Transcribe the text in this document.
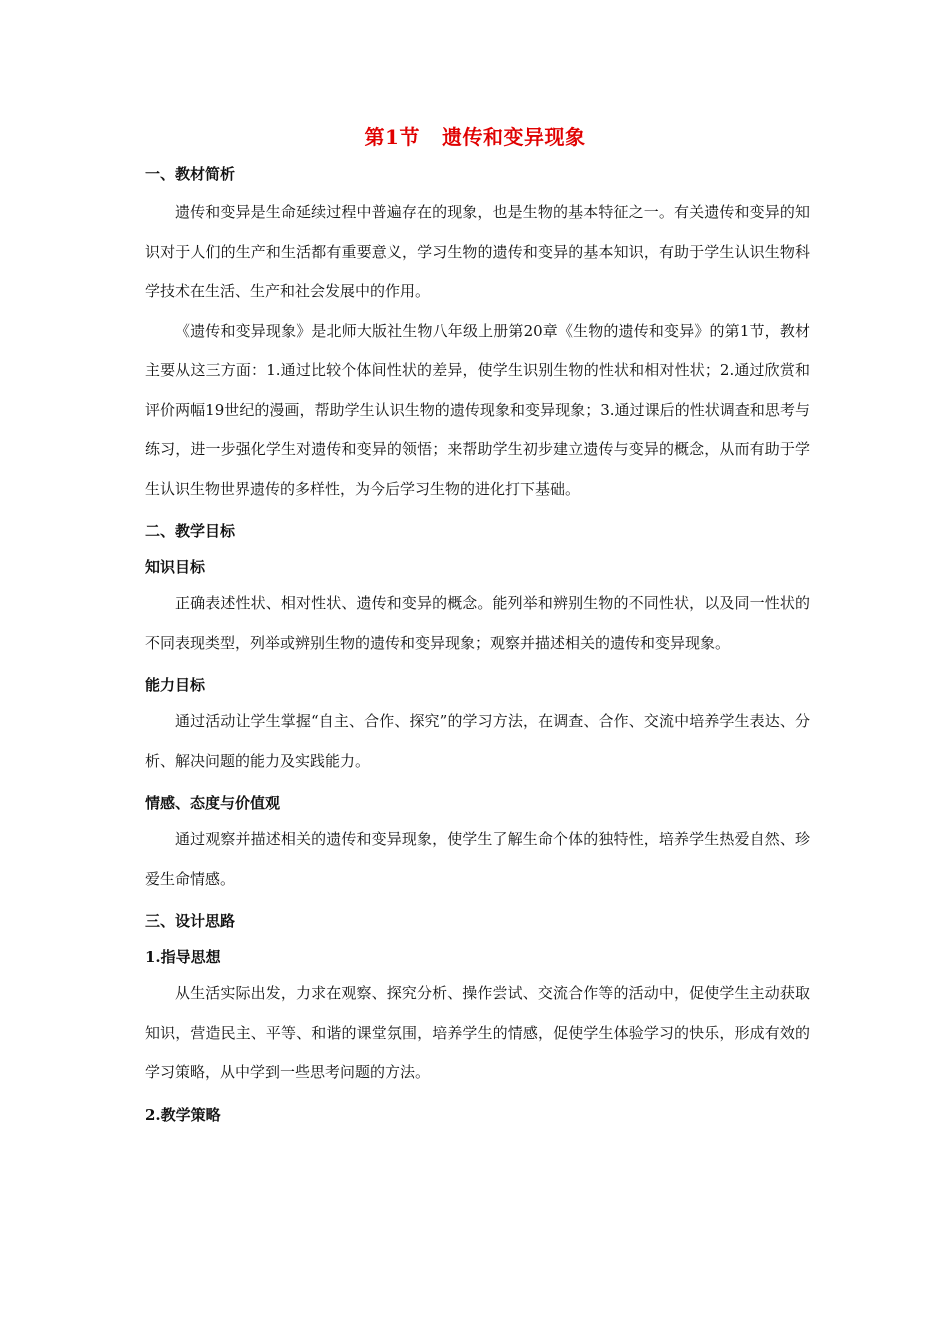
第1节 遗传和变异现象

一、教材简析

遗传和变异是生命延续过程中普遍存在的现象，也是生物的基本特征之一。有关遗传和变异的知识对于人们的生产和生活都有重要意义，学习生物的遗传和变异的基本知识，有助于学生认识生物科学技术在生活、生产和社会发展中的作用。

《遗传和变异现象》是北师大版社生物八年级上册第20章《生物的遗传和变异》的第1节，教材主要从这三方面：1.通过比较个体间性状的差异，使学生识别生物的性状和相对性状；2.通过欣赏和评价两幅19世纪的漫画，帮助学生认识生物的遗传现象和变异现象；3.通过课后的性状调查和思考与练习，进一步强化学生对遗传和变异的领悟；来帮助学生初步建立遗传与变异的概念，从而有助于学生认识生物世界遗传的多样性，为今后学习生物的进化打下基础。

二、教学目标

知识目标

正确表述性状、相对性状、遗传和变异的概念。能列举和辨别生物的不同性状，以及同一性状的不同表现类型，列举或辨别生物的遗传和变异现象；观察并描述相关的遗传和变异现象。

能力目标

通过活动让学生掌握“自主、合作、探究”的学习方法，在调查、合作、交流中培养学生表达、分析、解决问题的能力及实践能力。

情感、态度与价值观

通过观察并描述相关的遗传和变异现象，使学生了解生命个体的独特性，培养学生热爱自然、珍爱生命情感。

三、设计思路

1.指导思想

从生活实际出发，力求在观察、探究分析、操作尝试、交流合作等的活动中，促使学生主动获取知识，营造民主、平等、和谐的课堂氛围，培养学生的情感，促使学生体验学习的快乐，形成有效的学习策略，从中学到一些思考问题的方法。

2.教学策略
